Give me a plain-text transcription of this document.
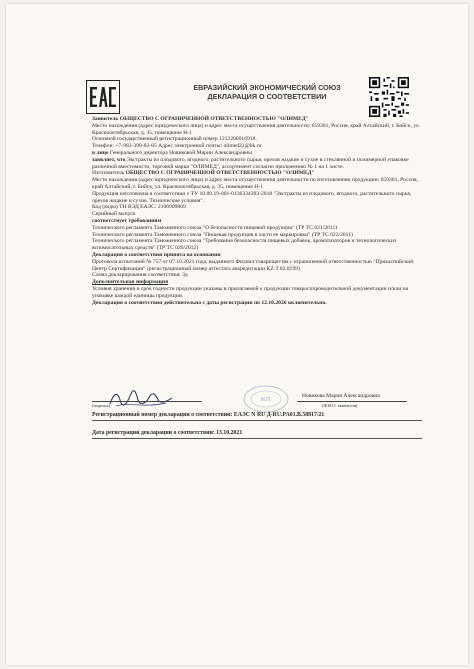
ЕВРАЗИЙСКИЙ ЭКОНОМИЧЕСКИЙ СОЮЗ
ДЕКЛАРАЦИЯ О СООТВЕТСТВИИ

Заявитель ОБЩЕСТВО С ОГРАНИЧЕННОЙ ОТВЕТСТВЕННОСТЬЮ "ОЛИМЕД"

Место нахождения (адрес юридического лица) и адрес места осуществления деятельности: 659301, Россия, край Алтайский, г. Бийск, ул. Краснооктябрьская, д. 35, помещение Н-1

Основной государственный регистрационный номер 1212200016918.

Телефон: +7-983-390-82-85 Адрес электронной почты: olimed22@bk.ru

в лице Генерального директора Новиковой Марии Александровны

заявляет, что Экстракты из плодового, ягодного, растительного сырья, орехов жидкие и сухие в стеклянной и полимерной упаковке различной вместимости, торговой марки "ОЛИМЕД", ассортимент согласно приложению № 1 на 1 листе.

Изготовитель ОБЩЕСТВО С ОГРАНИЧЕННОЙ ОТВЕТСТВЕННОСТЬЮ "ОЛИМЕД"

Место нахождения (адрес юридического лица) и адрес места осуществления деятельности по изготовлению продукции: 659301, Россия, край Алтайский, г. Бийск, ул. Краснооктябрьская, д. 35, помещение Н-1

Продукция изготовлена в соответствии с ТУ 10.89.19-001-0136334393-2018 "Экстракты из плодового, ягодного, растительного сырья, орехов жидкие и сухие. Технические условия".

Код (коды) ТН ВЭД ЕАЭС: 2106909809

Серийный выпуск

соответствует требованиям

Технического регламента Таможенного союза "О безопасности пищевой продукции" (ТР ТС 021/2011)

Технического регламента Таможенного союза "Пищевая продукция в части ее маркировки" (ТР ТС 022/2011)

Технического регламента Таможенного союза "Требования безопасности пищевых добавок, ароматизаторов и технологических вспомогательных средств" (ТР ТС 029/2012)

Декларация о соответствии принята на основании

Протокола испытаний № 757 от 07.10.2021 года, выданного Филиал товарищества с ограниченной ответственностью "Прикаспийский Центр Сертификации" (регистрационный номер аттестата аккредитации KZ.T.02.0199)

Схема декларирования соответствия: 3д

Дополнительная информация

Условия хранения и срок годности продукции указаны в прилагаемой к продукции товаросопроводительной документации и/или на упаковке каждой единицы продукции.

Декларация о соответствии действительна с даты регистрации по 12.10.2026 включительно.

М.П.
Новикова Мария Александровна
(подпись)	(Ф.И.О. заявителя)

Регистрационный номер декларации о соответствии: ЕАЭС N RU Д-RU.PA01.B.58817/21

Дата регистрации декларации о соответствии: 13.10.2021
